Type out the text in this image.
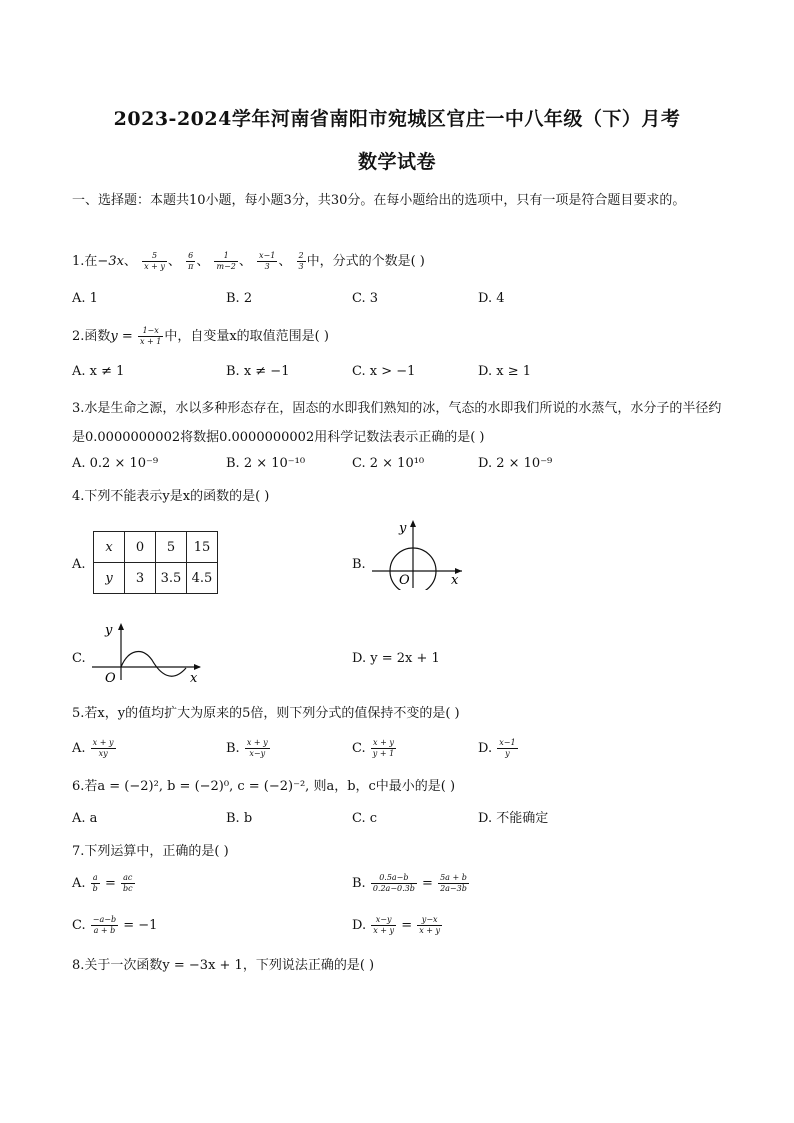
2023-2024学年河南省南阳市宛城区官庄一中八年级（下）月考
数学试卷
一、选择题：本题共10小题，每小题3分，共30分。在每小题给出的选项中，只有一项是符合题目要求的。
1.在−3x、 $\frac{5}{x + y}$ 、 $\frac{6}{\pi}$ 、 $\frac{1}{m-2}$ 、 $\frac{x-1}{3}$ 、 $\frac{2}{3}$ 中，分式的个数是( )
A. 1	B. 2	C. 3	D. 4
2.函数$y = \frac{1-x}{x + 1}$ 中，自变量x的取值范围是( )
A. x ≠ 1	B. x ≠ −1	C. x > −1	D. x ≥ 1
3.水是生命之源，水以多种形态存在，固态的水即我们熟知的冰，气态的水即我们所说的水蒸气，水分子的半径约是0.0000000002将数据0.0000000002用科学记数法表示正确的是( )
A. 0.2 × 10⁻⁹	B. 2 × 10⁻¹⁰	C. 2 × 10¹⁰	D. 2 × 10⁻⁹
4.下列不能表示y是x的函数的是( )
A.
x	0	5	15
y	3	3.5	4.5
B.
y
x
O
C.
y
x
O
D. y = 2x + 1
5.若x，y的值均扩大为原来的5倍，则下列分式的值保持不变的是( )
A. $\frac{x + y}{xy}$	B. $\frac{x + y}{x-y}$	C. $\frac{x + y}{y + 1}$	D. $\frac{x-1}{y}$
6.若a = (−2)², b = (−2)⁰, c = (−2)⁻², 则a，b，c中最小的是( )
A. a	B. b	C. c	D. 不能确定
7.下列运算中，正确的是( )
A. $\frac{a}{b} = \frac{ac}{bc}$	B. $\frac{0.5a-b}{0.2a-0.3b} = \frac{5a + b}{2a-3b}$
C. $\frac{-a-b}{a + b} = -1$	D. $\frac{x-y}{x + y} = \frac{y-x}{x + y}$
8.关于一次函数y = −3x + 1，下列说法正确的是( )
